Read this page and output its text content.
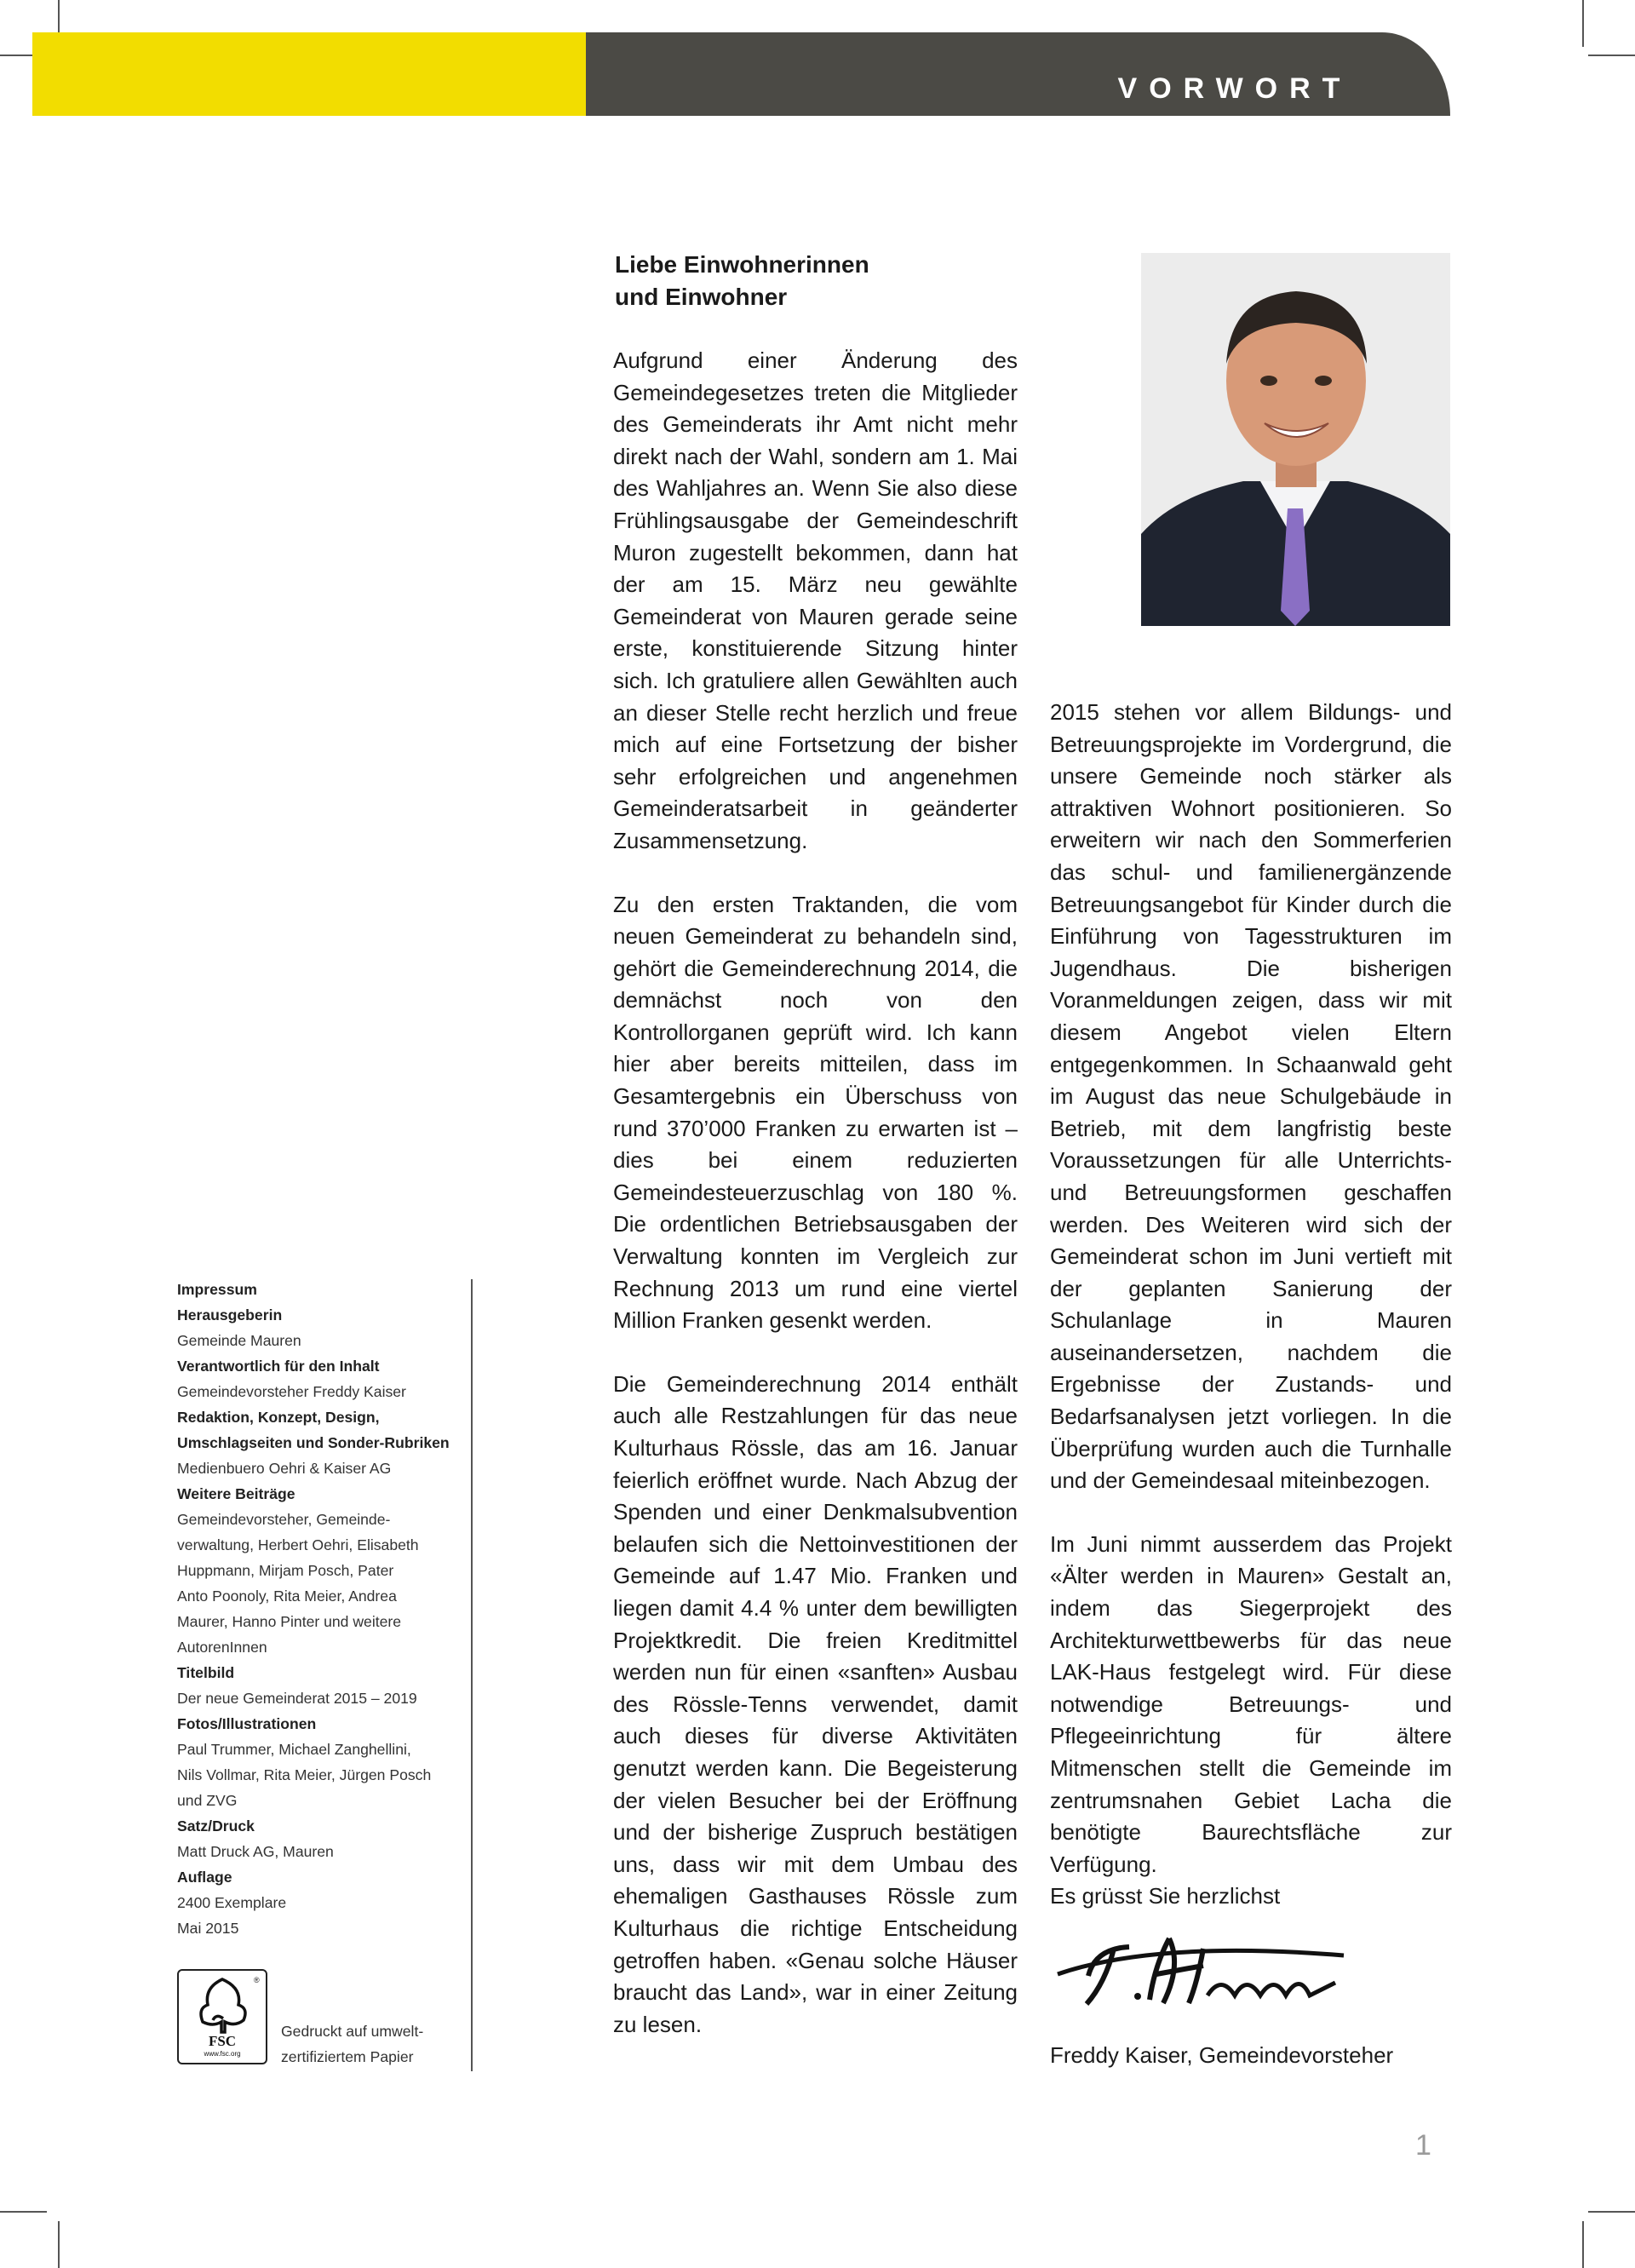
VORWORT
Liebe Einwohnerinnen
und Einwohner

Aufgrund einer Änderung des Gemeindegesetzes treten die Mitglieder des Gemeinderats ihr Amt nicht mehr direkt nach der Wahl, sondern am 1. Mai des Wahljahres an. Wenn Sie also diese Frühlingsausgabe der Gemeindeschrift Muron zugestellt bekommen, dann hat der am 15. März neu gewählte Gemeinderat von Mauren gerade seine erste, konstituierende Sitzung hinter sich. Ich gratuliere allen Gewählten auch an dieser Stelle recht herzlich und freue mich auf eine Fortsetzung der bisher sehr erfolgreichen und angenehmen Gemeinderatsarbeit in geänderter Zusammensetzung.

Zu den ersten Traktanden, die vom neuen Gemeinderat zu behandeln sind, gehört die Gemeinderechnung 2014, die demnächst noch von den Kontrollorganen geprüft wird. Ich kann hier aber bereits mitteilen, dass im Gesamtergebnis ein Überschuss von rund 370’000 Franken zu erwarten ist – dies bei einem reduzierten Gemeindesteuerzuschlag von 180 %. Die ordentlichen Betriebsausgaben der Verwaltung konnten im Vergleich zur Rechnung 2013 um rund eine viertel Million Franken gesenkt werden.

Die Gemeinderechnung 2014 enthält auch alle Restzahlungen für das neue Kulturhaus Rössle, das am 16. Januar feierlich eröffnet wurde. Nach Abzug der Spenden und einer Denkmalsubvention belaufen sich die Nettoinvestitionen der Gemeinde auf 1.47 Mio. Franken und liegen damit 4.4 % unter dem bewilligten Projektkredit. Die freien Kreditmittel werden nun für einen «sanften» Ausbau des Rössle-Tenns verwendet, damit auch dieses für diverse Aktivitäten genutzt werden kann. Die Begeisterung der vielen Besucher bei der Eröffnung und der bisherige Zuspruch bestätigen uns, dass wir mit dem Umbau des ehemaligen Gasthauses Rössle zum Kulturhaus die richtige Entscheidung getroffen haben. «Genau solche Häuser braucht das Land», war in einer Zeitung zu lesen.

2015 stehen vor allem Bildungs- und Betreuungsprojekte im Vordergrund, die unsere Gemeinde noch stärker als attraktiven Wohnort positionieren. So erweitern wir nach den Sommerferien das schul- und familienergänzende Betreuungsangebot für Kinder durch die Einführung von Tagesstrukturen im Jugendhaus. Die bisherigen Voranmeldungen zeigen, dass wir mit diesem Angebot vielen Eltern entgegenkommen. In Schaanwald geht im August das neue Schulgebäude in Betrieb, mit dem langfristig beste Voraussetzungen für alle Unterrichts- und Betreuungsformen geschaffen werden. Des Weiteren wird sich der Gemeinderat schon im Juni vertieft mit der geplanten Sanierung der Schulanlage in Mauren auseinandersetzen, nachdem die Ergebnisse der Zustands- und Bedarfsanalysen jetzt vorliegen. In die Überprüfung wurden auch die Turnhalle und der Gemeindesaal miteinbezogen.

Im Juni nimmt ausserdem das Projekt «Älter werden in Mauren» Gestalt an, indem das Siegerprojekt des Architekturwettbewerbs für das neue LAK-Haus festgelegt wird. Für diese notwendige Betreuungs- und Pflegeeinrichtung für ältere Mitmenschen stellt die Gemeinde im zentrumsnahen Gebiet Lacha die benötigte Baurechtsfläche zur Verfügung.

Es grüsst Sie herzlichst
Freddy Kaiser, Gemeindevorsteher
Impressum
Herausgeberin
Gemeinde Mauren
Verantwortlich für den Inhalt
Gemeindevorsteher Freddy Kaiser
Redaktion, Konzept, Design,
Umschlagseiten und Sonder-Rubriken
Medienbuero Oehri & Kaiser AG
Weitere Beiträge
Gemeindevorsteher, Gemeinde-
verwaltung, Herbert Oehri, Elisabeth
Huppmann, Mirjam Posch, Pater
Anto Poonoly, Rita Meier, Andrea
Maurer, Hanno Pinter und weitere
AutorenInnen
Titelbild
Der neue Gemeinderat 2015 – 2019
Fotos/Illustrationen
Paul Trummer, Michael Zanghellini,
Nils Vollmar, Rita Meier, Jürgen Posch
und ZVG
Satz/Druck
Matt Druck AG, Mauren
Auflage
2400 Exemplare
Mai 2015
FSC
www.fsc.org
®
Gedruckt auf umwelt-
zertifiziertem Papier
1
